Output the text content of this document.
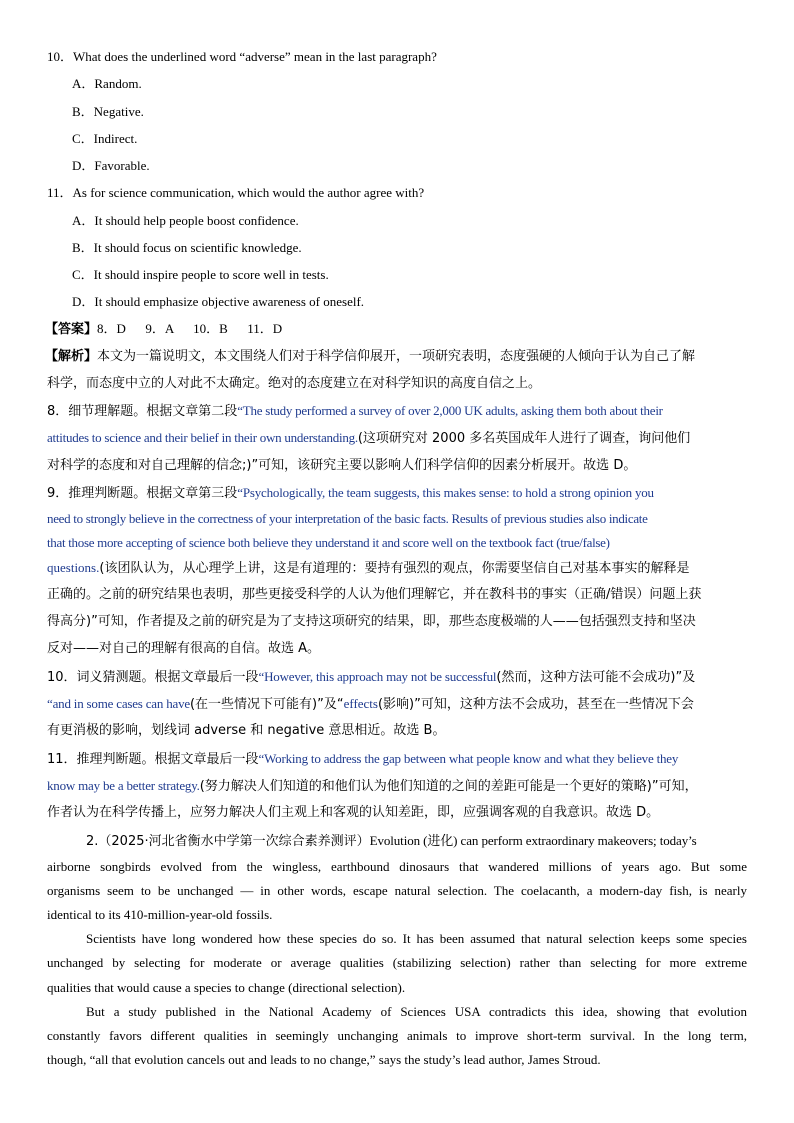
10．What does the underlined word “adverse” mean in the last paragraph?
A．Random.
B．Negative.
C．Indirect.
D．Favorable.
11．As for science communication, which would the author agree with?
A．It should help people boost confidence.
B．It should focus on scientific knowledge.
C．It should inspire people to score well in tests.
D．It should emphasize objective awareness of oneself.
【答案】8．D      9．A      10．B      11．D
【解析】本文为一篇说明文，本文围绕人们对于科学信仰展开，一项研究表明，态度强硬的人倾向于认为自己了解
科学，而态度中立的人对此不太确定。绝对的态度建立在对科学知识的高度自信之上。
8．细节理解题。根据文章第二段“The study performed a survey of over 2,000 UK adults, asking them both about their
attitudes to science and their belief in their own understanding.(这项研究对 2000 多名英国成年人进行了调查，询问他们
对科学的态度和对自己理解的信念;)”可知，该研究主要以影响人们科学信仰的因素分析展开。故选 D。
9．推理判断题。根据文章第三段“Psychologically, the team suggests, this makes sense: to hold a strong opinion you
need to strongly believe in the correctness of your interpretation of the basic facts. Results of previous studies also indicate
that those more accepting of science both believe they understand it and score well on the textbook fact (true/false)
questions.(该团队认为，从心理学上讲，这是有道理的：要持有强烈的观点，你需要坚信自己对基本事实的解释是
正确的。之前的研究结果也表明，那些更接受科学的人认为他们理解它，并在教科书的事实（正确/错误）问题上获
得高分)”可知，作者提及之前的研究是为了支持这项研究的结果，即，那些态度极端的人——包括强烈支持和坚决
反对——对自己的理解有很高的自信。故选 A。
10．词义猜测题。根据文章最后一段“However, this approach may not be successful(然而，这种方法可能不会成功)”及
“and in some cases can have(在一些情况下可能有)”及“effects(影响)”可知，这种方法不会成功，甚至在一些情况下会
有更消极的影响，划线词 adverse 和 negative 意思相近。故选 B。
11．推理判断题。根据文章最后一段“Working to address the gap between what people know and what they believe they
know may be a better strategy.(努力解决人们知道的和他们认为他们知道的之间的差距可能是一个更好的策略)”可知，
作者认为在科学传播上，应努力解决人们主观上和客观的认知差距，即，应强调客观的自我意识。故选 D。
2.（2025·河北省衡水中学第一次综合素养测评）Evolution (进化) can perform extraordinary makeovers; today’s
airborne songbirds evolved from the wingless, earthbound dinosaurs that wandered millions of years ago. But some
organisms seem to be unchanged — in other words, escape natural selection. The coelacanth, a modern-day fish, is nearly
identical to its 410-million-year-old fossils.
Scientists have long wondered how these species do so. It has been assumed that natural selection keeps some species
unchanged by selecting for moderate or average qualities (stabilizing selection) rather than selecting for more extreme
qualities that would cause a species to change (directional selection).
But a study published in the National Academy of Sciences USA contradicts this idea, showing that evolution
constantly favors different qualities in seemingly unchanging animals to improve short-term survival. In the long term,
though, “all that evolution cancels out and leads to no change,” says the study’s lead author, James Stroud.
